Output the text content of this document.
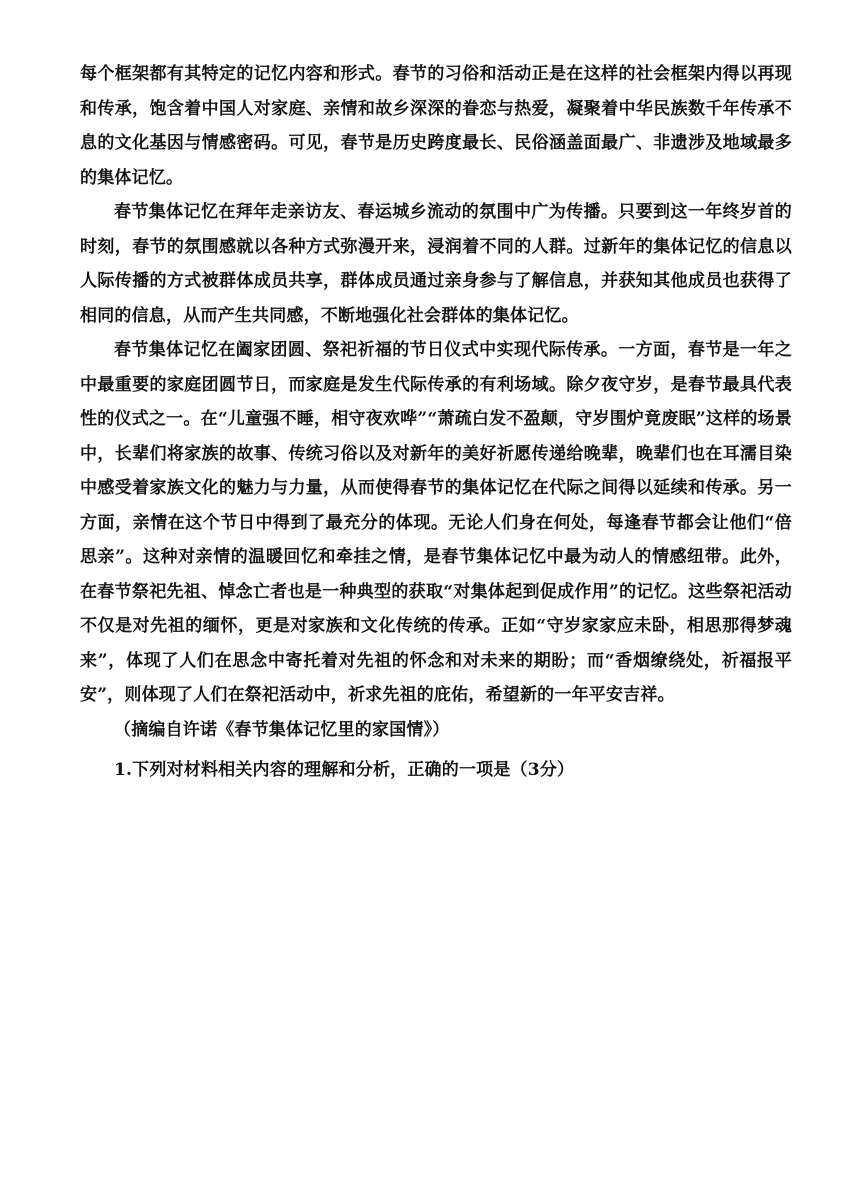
每个框架都有其特定的记忆内容和形式。春节的习俗和活动正是在这样的社会框架内得以再现和传承，饱含着中国人对家庭、亲情和故乡深深的眷恋与热爱，凝聚着中华民族数千年传承不息的文化基因与情感密码。可见，春节是历史跨度最长、民俗涵盖面最广、非遗涉及地域最多的集体记忆。

春节集体记忆在拜年走亲访友、春运城乡流动的氛围中广为传播。只要到这一年终岁首的时刻，春节的氛围感就以各种方式弥漫开来，浸润着不同的人群。过新年的集体记忆的信息以人际传播的方式被群体成员共享，群体成员通过亲身参与了解信息，并获知其他成员也获得了相同的信息，从而产生共同感，不断地强化社会群体的集体记忆。

春节集体记忆在阖家团圆、祭祀祈福的节日仪式中实现代际传承。一方面，春节是一年之中最重要的家庭团圆节日，而家庭是发生代际传承的有利场域。除夕夜守岁，是春节最具代表性的仪式之一。在“儿童强不睡，相守夜欢哗”“萧疏白发不盈颠，守岁围炉竟废眠”这样的场景中，长辈们将家族的故事、传统习俗以及对新年的美好祈愿传递给晚辈，晚辈们也在耳濡目染中感受着家族文化的魅力与力量，从而使得春节的集体记忆在代际之间得以延续和传承。另一方面，亲情在这个节日中得到了最充分的体现。无论人们身在何处，每逢春节都会让他们“倍思亲”。这种对亲情的温暖回忆和牵挂之情，是春节集体记忆中最为动人的情感纽带。此外，在春节祭祀先祖、悼念亡者也是一种典型的获取“对集体起到促成作用”的记忆。这些祭祀活动不仅是对先祖的缅怀，更是对家族和文化传统的传承。正如“守岁家家应未卧，相思那得梦魂来”，体现了人们在思念中寄托着对先祖的怀念和对未来的期盼；而“香烟缭绕处，祈福报平安”，则体现了人们在祭祀活动中，祈求先祖的庇佑，希望新的一年平安吉祥。

（摘编自许诺《春节集体记忆里的家国情》）

1.下列对材料相关内容的理解和分析，正确的一项是（3分）
